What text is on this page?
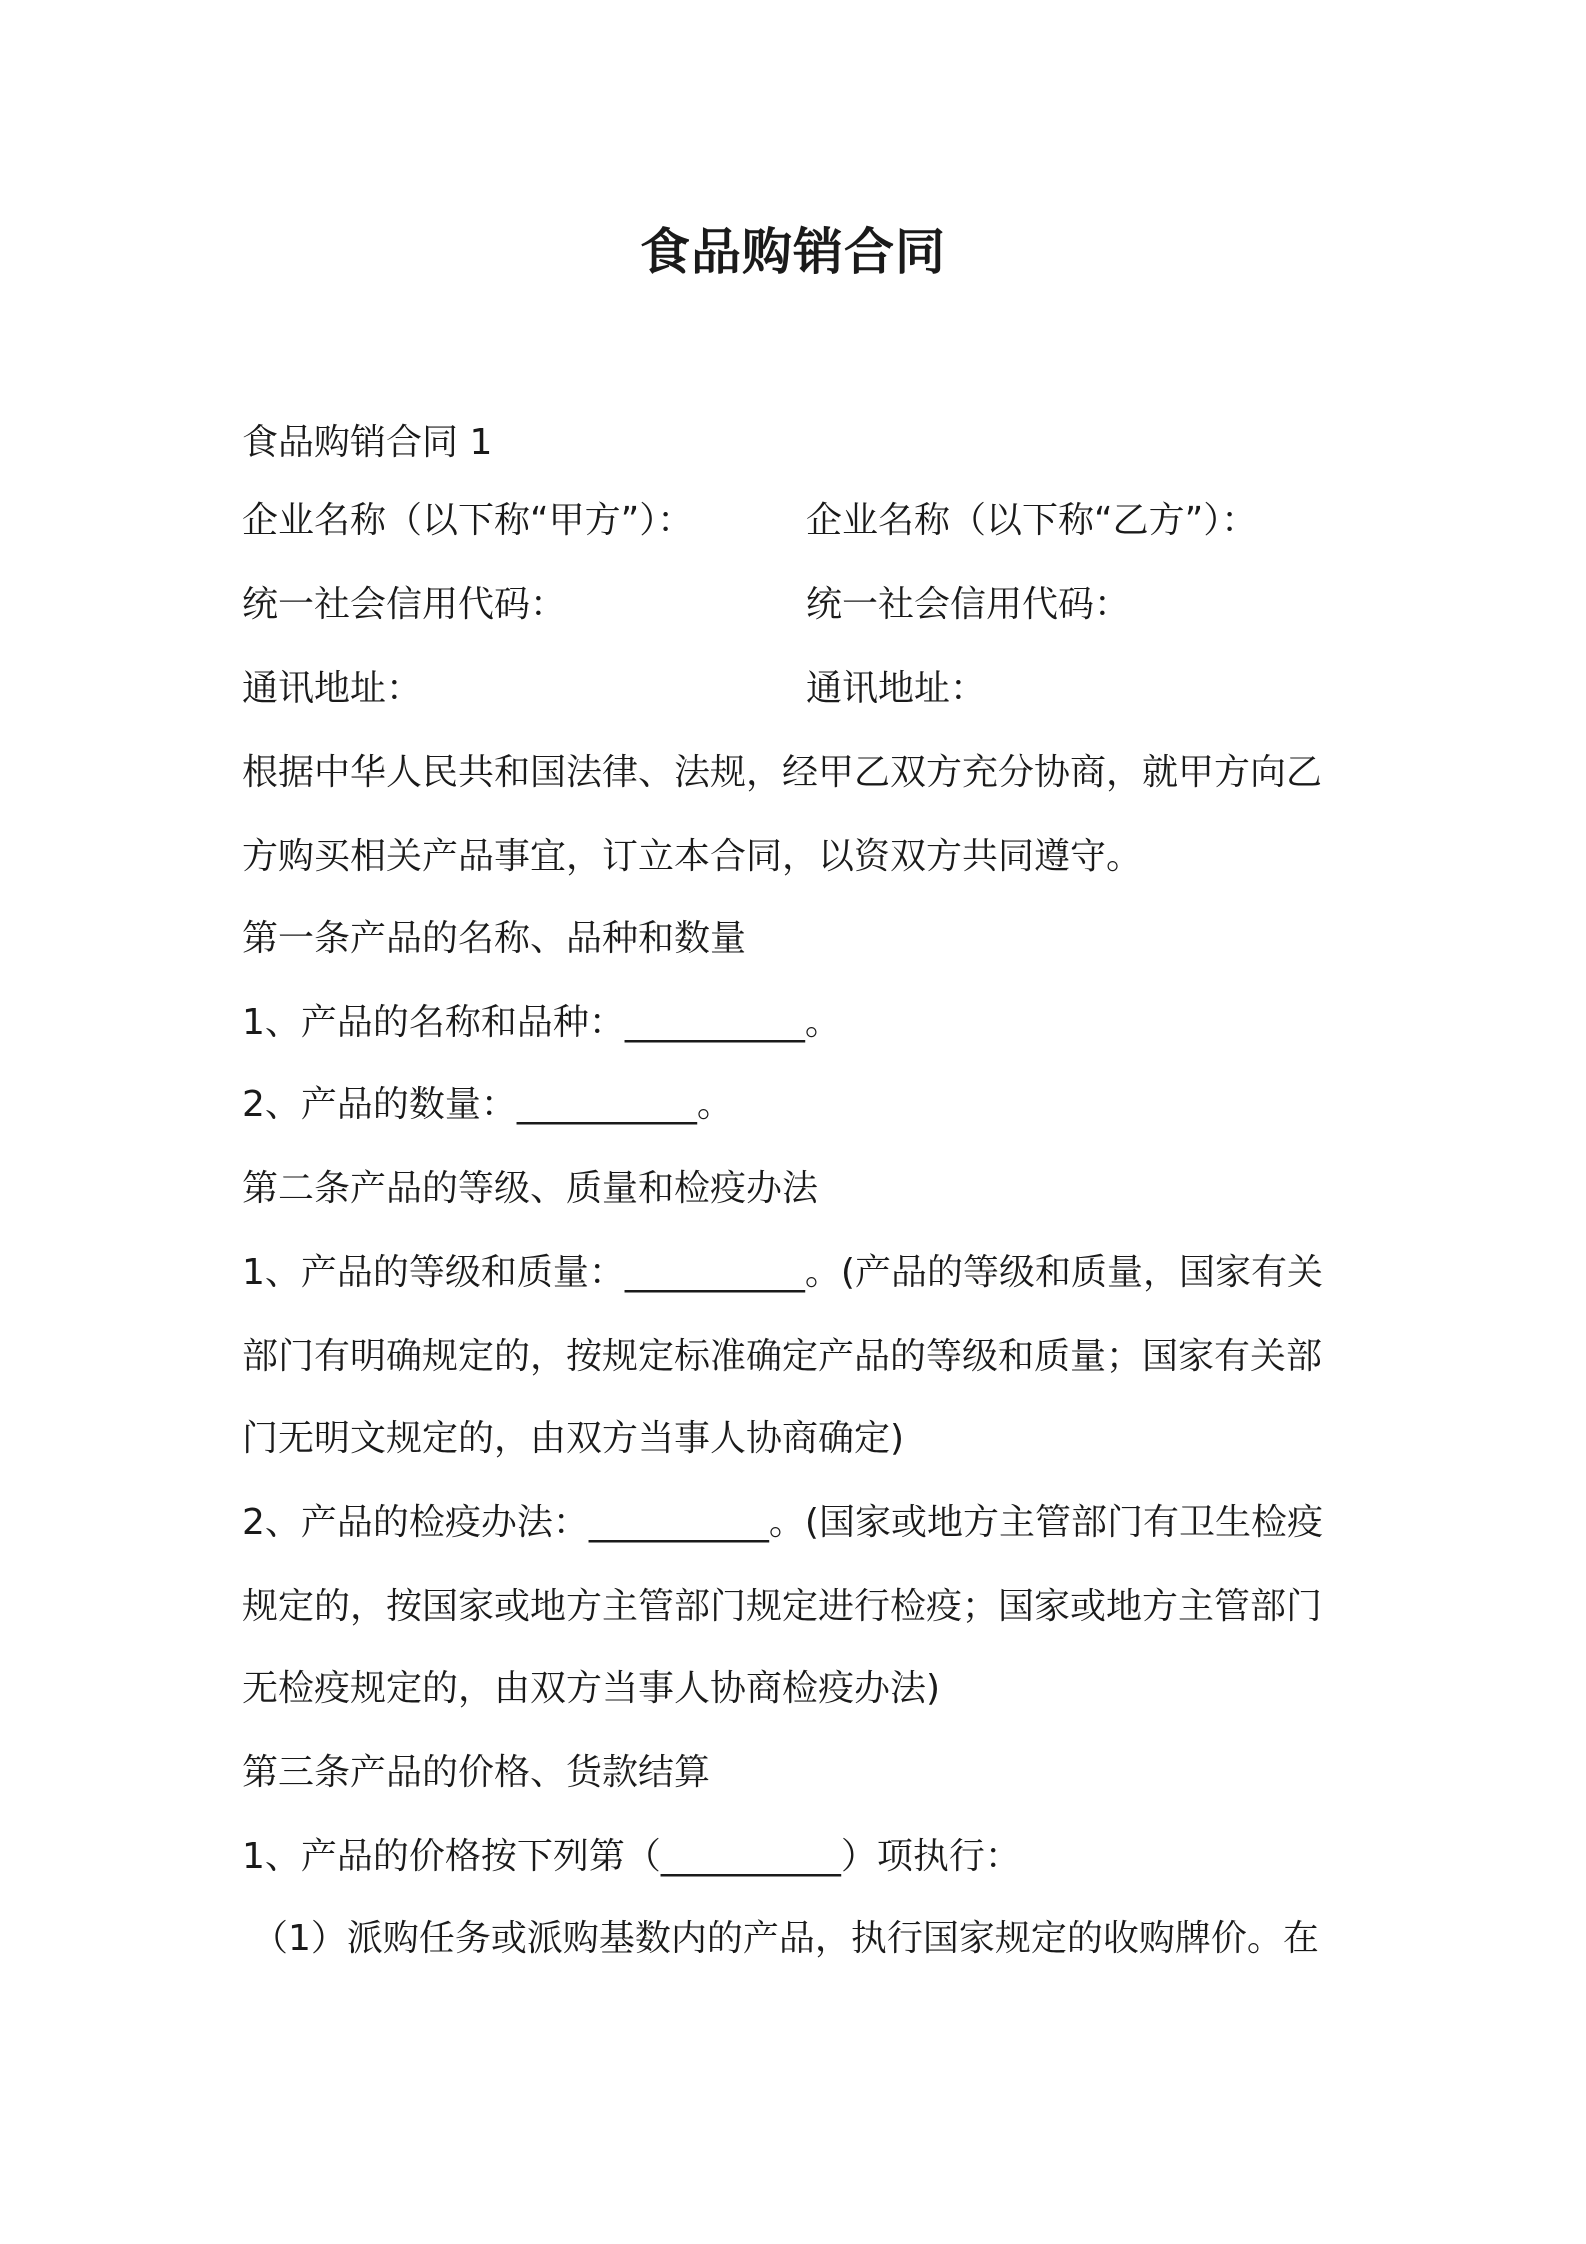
食品购销合同
食品购销合同 1
企业名称（以下称“甲方”）：	企业名称（以下称“乙方”）：
统一社会信用代码：	统一社会信用代码：
通讯地址：	通讯地址：
根据中华人民共和国法律、法规，经甲乙双方充分协商，就甲方向乙
方购买相关产品事宜，订立本合同，以资双方共同遵守。
第一条产品的名称、品种和数量
1、产品的名称和品种：__________。
2、产品的数量：__________。
第二条产品的等级、质量和检疫办法
1、产品的等级和质量：__________。(产品的等级和质量，国家有关
部门有明确规定的，按规定标准确定产品的等级和质量；国家有关部
门无明文规定的，由双方当事人协商确定)
2、产品的检疫办法：__________。(国家或地方主管部门有卫生检疫
规定的，按国家或地方主管部门规定进行检疫；国家或地方主管部门
无检疫规定的，由双方当事人协商检疫办法)
第三条产品的价格、货款结算
1、产品的价格按下列第（__________）项执行：
（1）派购任务或派购基数内的产品，执行国家规定的收购牌价。在
